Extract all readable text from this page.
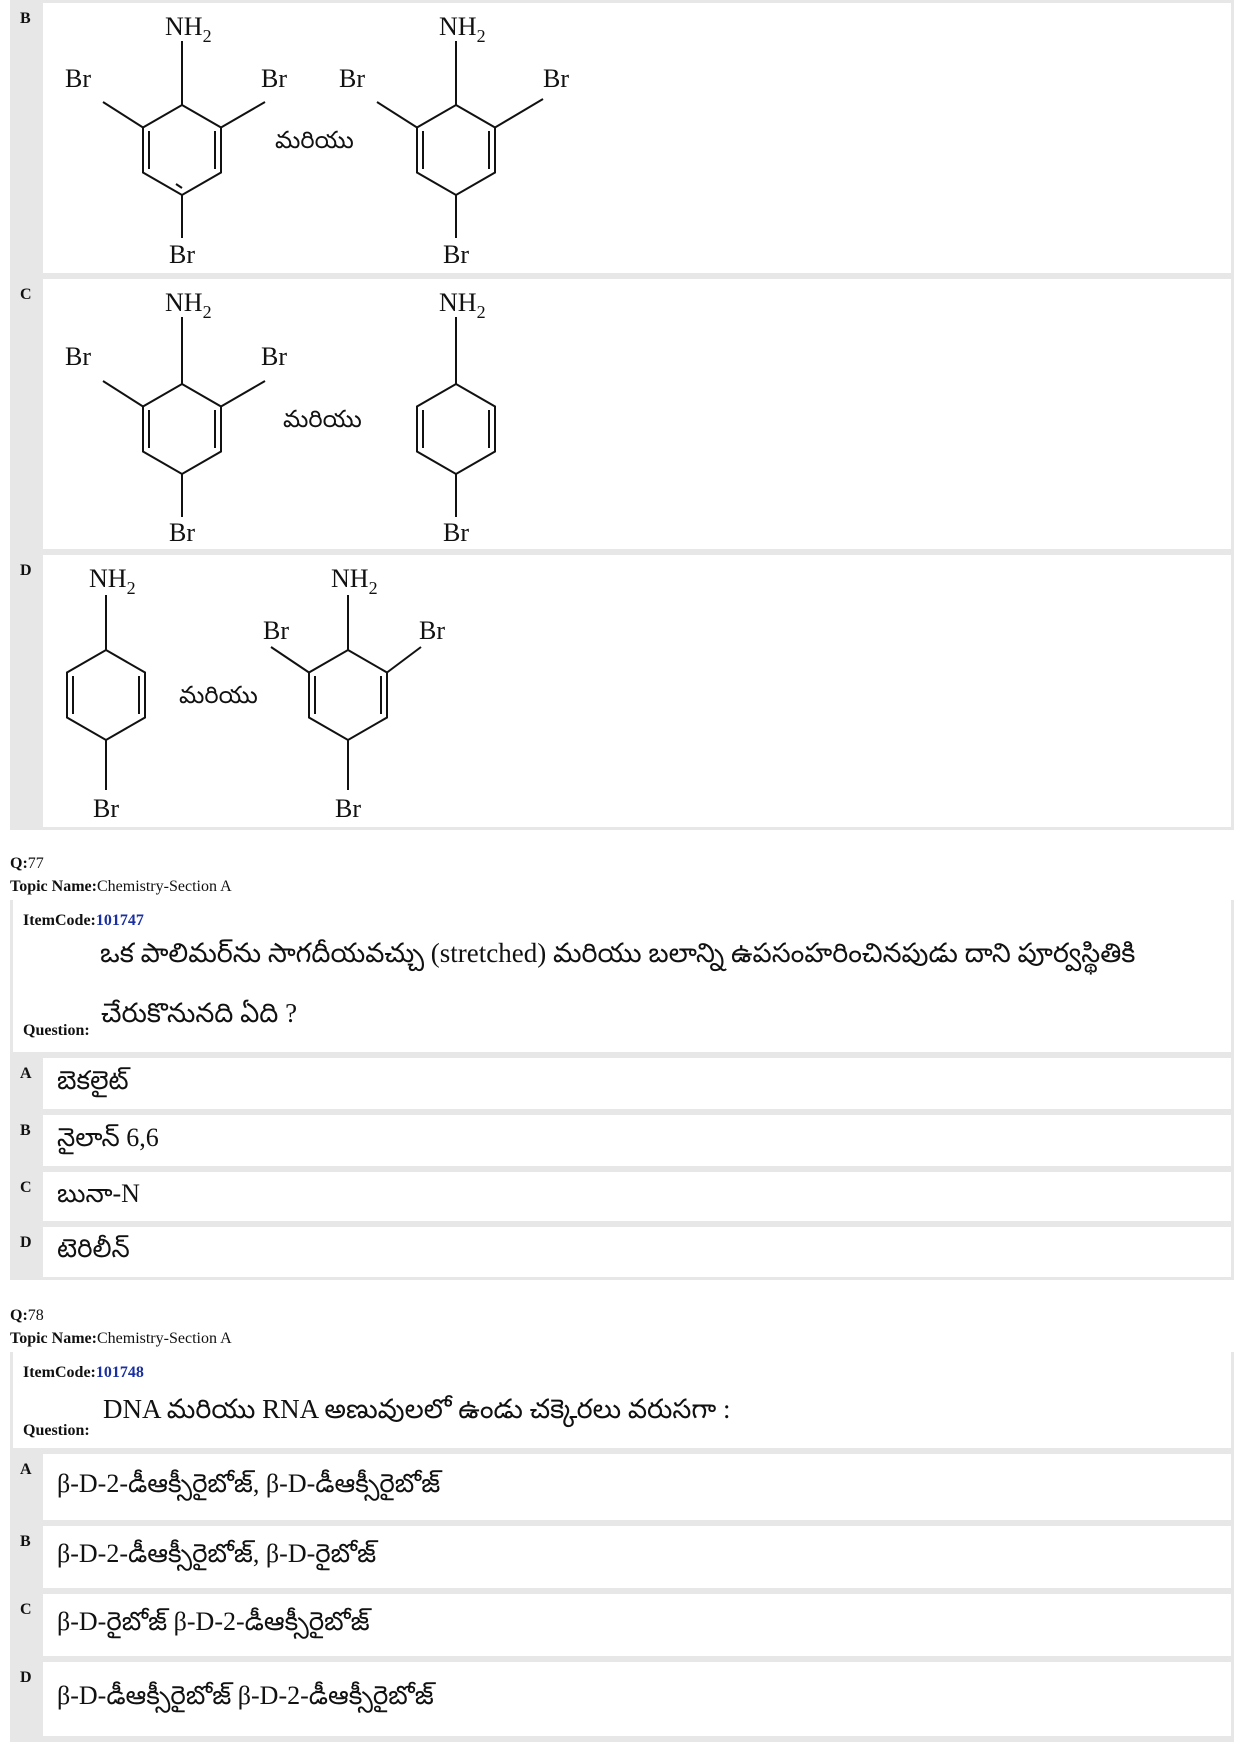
B	$NH_2$
Br	Br
Br
మరియు
$NH_2$
Br	Br
Br
C	$NH_2$
Br	Br
Br
మరియు
$NH_2$
Br
D $NH_2$
Br
మరియు
$NH_2$
Br	Br
Br
Q:77
Topic Name:Chemistry-Section A
ItemCode:101747
ఒక పాలిమర్‌ను సాగదీయవచ్చు (stretched) మరియు బలాన్ని ఉపసంహరించినపుడు దాని పూర్వస్థితికి
Question:
చేరుకొనునది ఏది ?
A బెకలైట్
B నైలాన్ 6,6
C బునా-N
D టెరిలీన్
Q:78
Topic Name:Chemistry-Section A
ItemCode:101748
DNA మరియు RNA అణువులలో ఉండు చక్కెరలు వరుసగా :
Question:
A β-D-2-డీఆక్సీరైబోజ్, β-D-డీఆక్సీరైబోజ్
B β-D-2-డీఆక్సీరైబోజ్, β-D-రైబోజ్
C β-D-రైబోజ్ β-D-2-డీఆక్సీరైబోజ్
D
β-D-డీఆక్సీరైబోజ్ β-D-2-డీఆక్సీరైబోజ్
